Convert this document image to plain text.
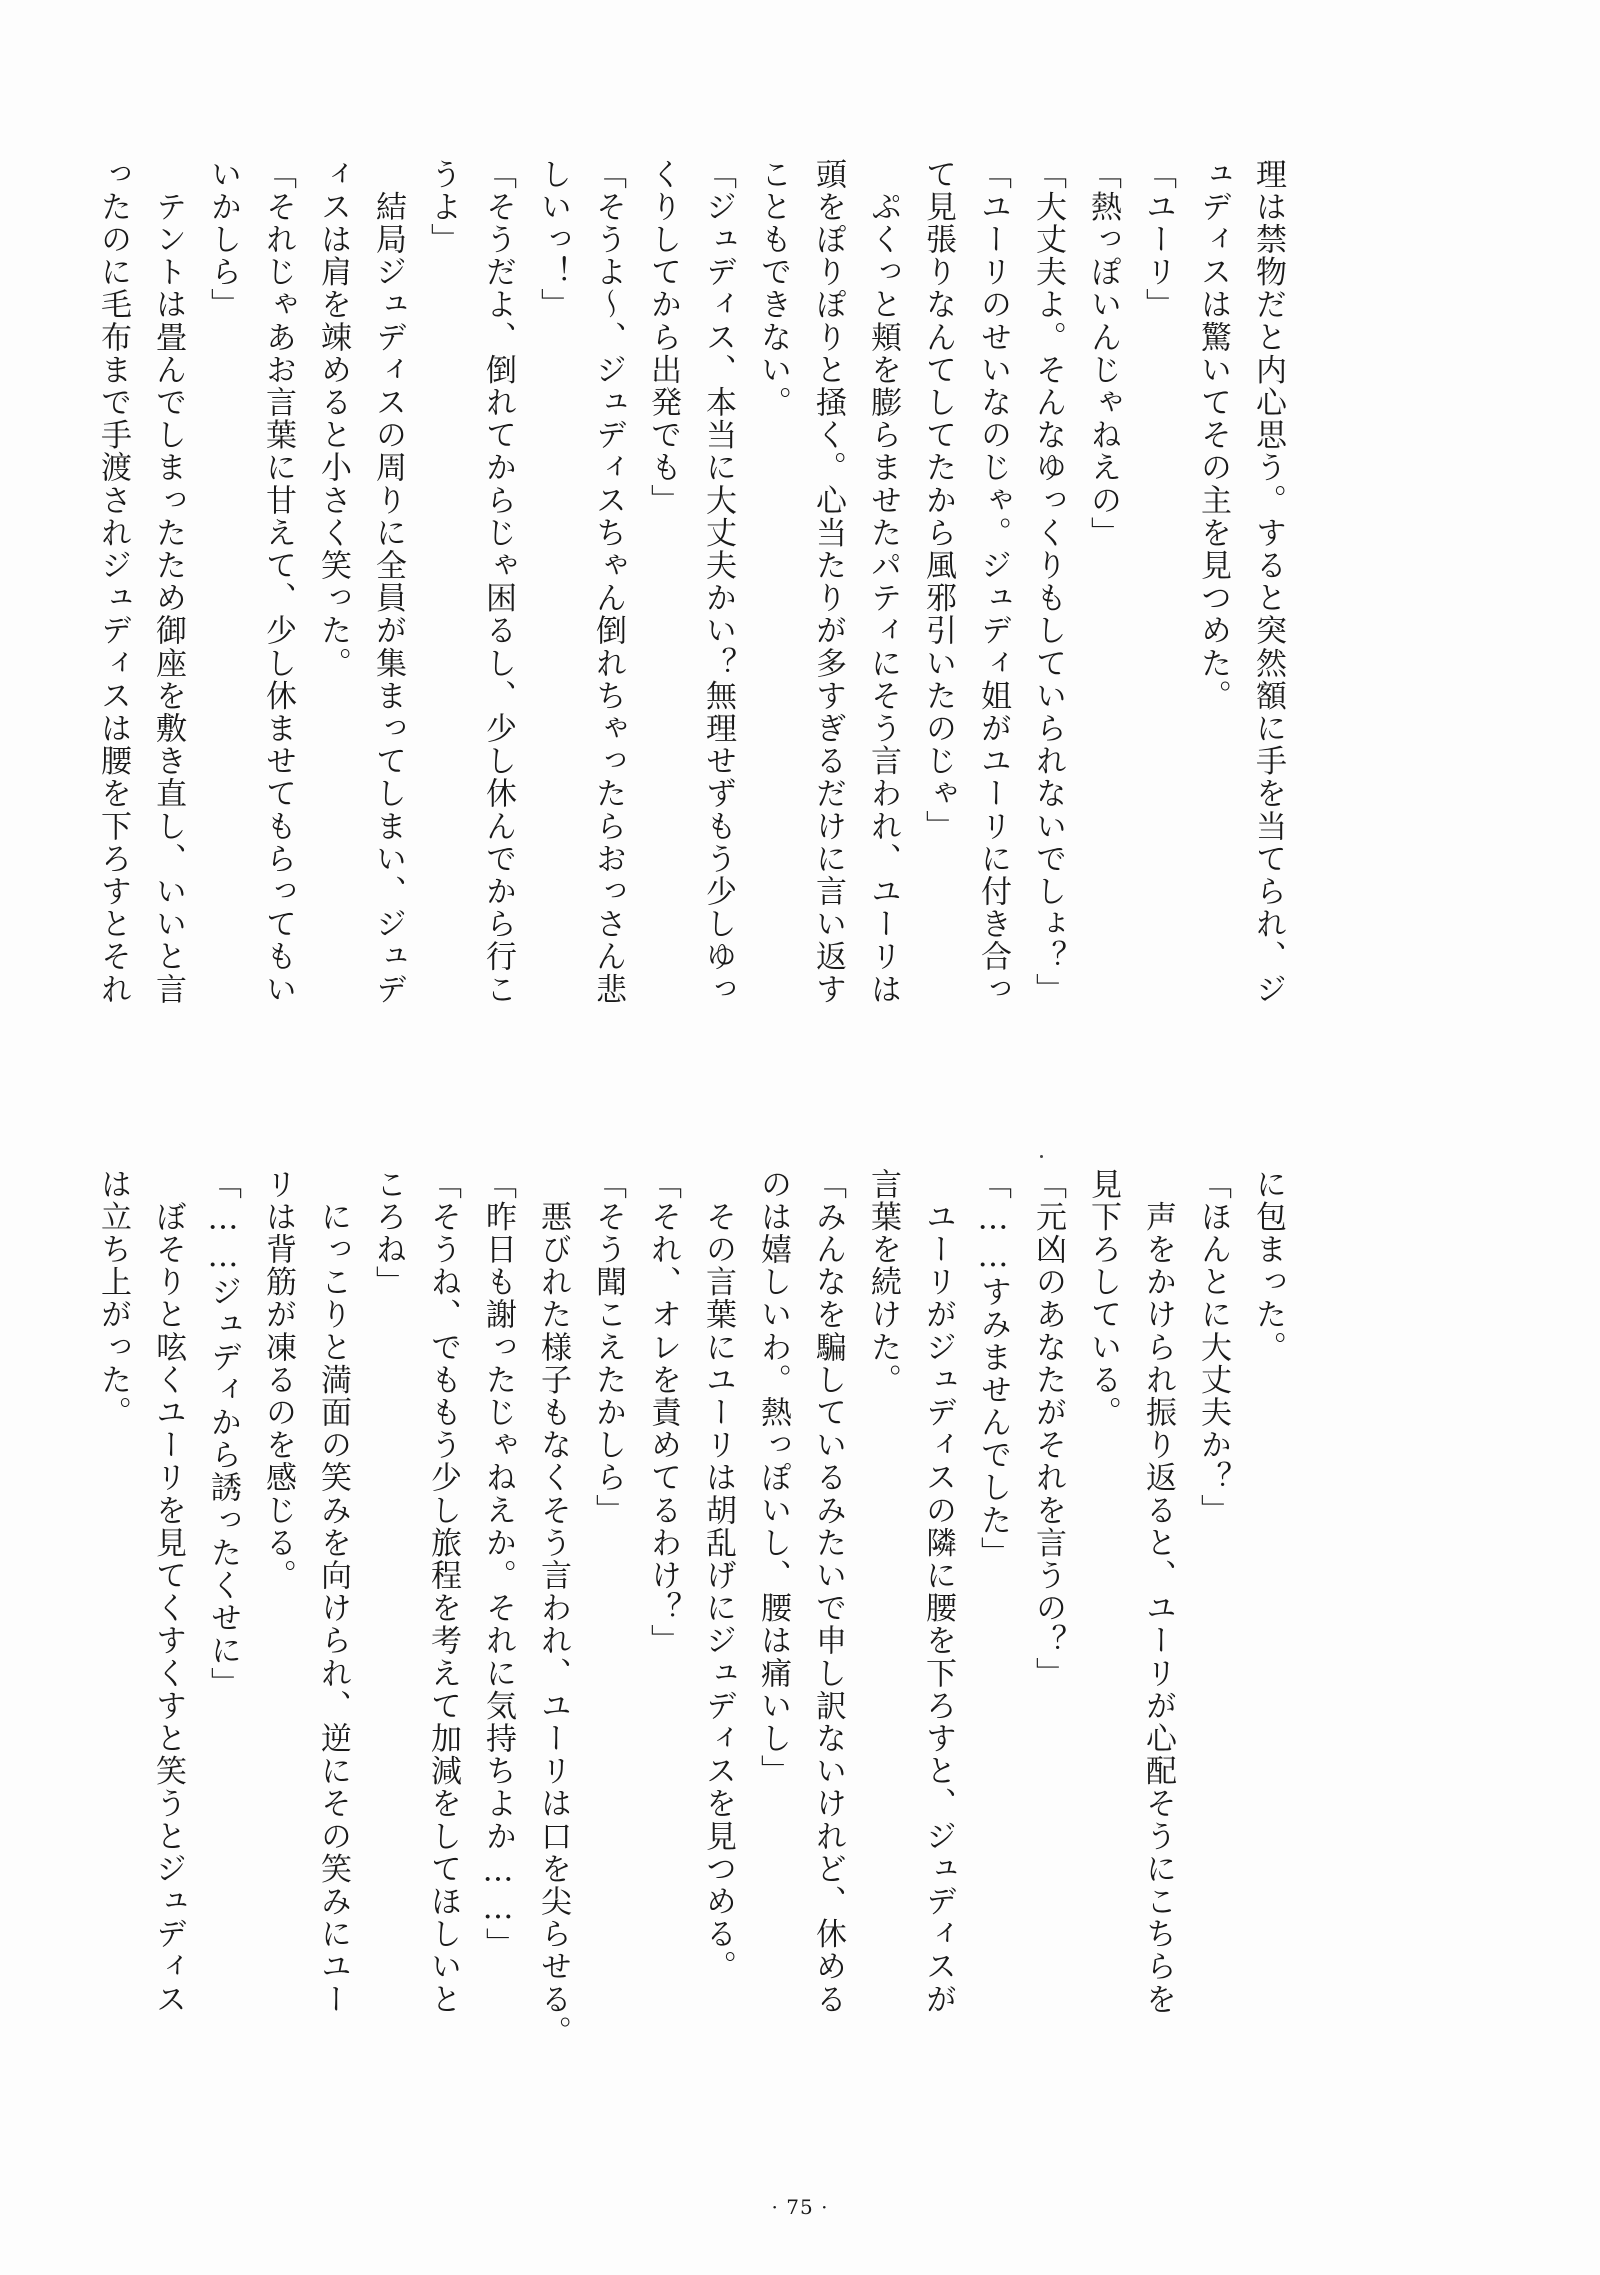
理は禁物だと内心思う。すると突然額に手を当てられ、ジ
ュディスは驚いてその主を見つめた。
「ユーリ」
「熱っぽいんじゃねえの」
「大丈夫よ。そんなゆっくりもしていられないでしょ？」
「ユーリのせいなのじゃ。ジュディ姐がユーリに付き合っ
て見張りなんてしてたから風邪引いたのじゃ」
　ぷくっと頬を膨らませたパティにそう言われ、ユーリは
頭をぽりぽりと掻く。心当たりが多すぎるだけに言い返す
こともできない。
「ジュディス、本当に大丈夫かい？無理せずもう少しゆっ
くりしてから出発でも」
「そうよ～、ジュディスちゃん倒れちゃったらおっさん悲
しいっ！」
「そうだよ、倒れてからじゃ困るし、少し休んでから行こ
うよ」
　結局ジュディスの周りに全員が集まってしまい、ジュデ
ィスは肩を竦めると小さく笑った。
「それじゃあお言葉に甘えて、少し休ませてもらってもい
いかしら」
　テントは畳んでしまったため御座を敷き直し、いいと言
ったのに毛布まで手渡されジュディスは腰を下ろすとそれ
に包まった。
「ほんとに大丈夫か？」
　声をかけられ振り返ると、ユーリが心配そうにこちらを
見下ろしている。
「元凶のあなたがそれを言うの？」
「……すみませんでした」
　ユーリがジュディスの隣に腰を下ろすと、ジュディスが
言葉を続けた。
「みんなを騙しているみたいで申し訳ないけれど、休める
のは嬉しいわ。熱っぽいし、腰は痛いし」
　その言葉にユーリは胡乱げにジュディスを見つめる。
「それ、オレを責めてるわけ？」
「そう聞こえたかしら」
　悪びれた様子もなくそう言われ、ユーリは口を尖らせる。
「昨日も謝ったじゃねえか。それに気持ちよか……」
「そうね、でももう少し旅程を考えて加減をしてほしいと
ころね」
　にっこりと満面の笑みを向けられ、逆にその笑みにユー
リは背筋が凍るのを感じる。
「……ジュディから誘ったくせに」
　ぼそりと呟くユーリを見てくすくすと笑うとジュディス
は立ち上がった。
· 75 ·
